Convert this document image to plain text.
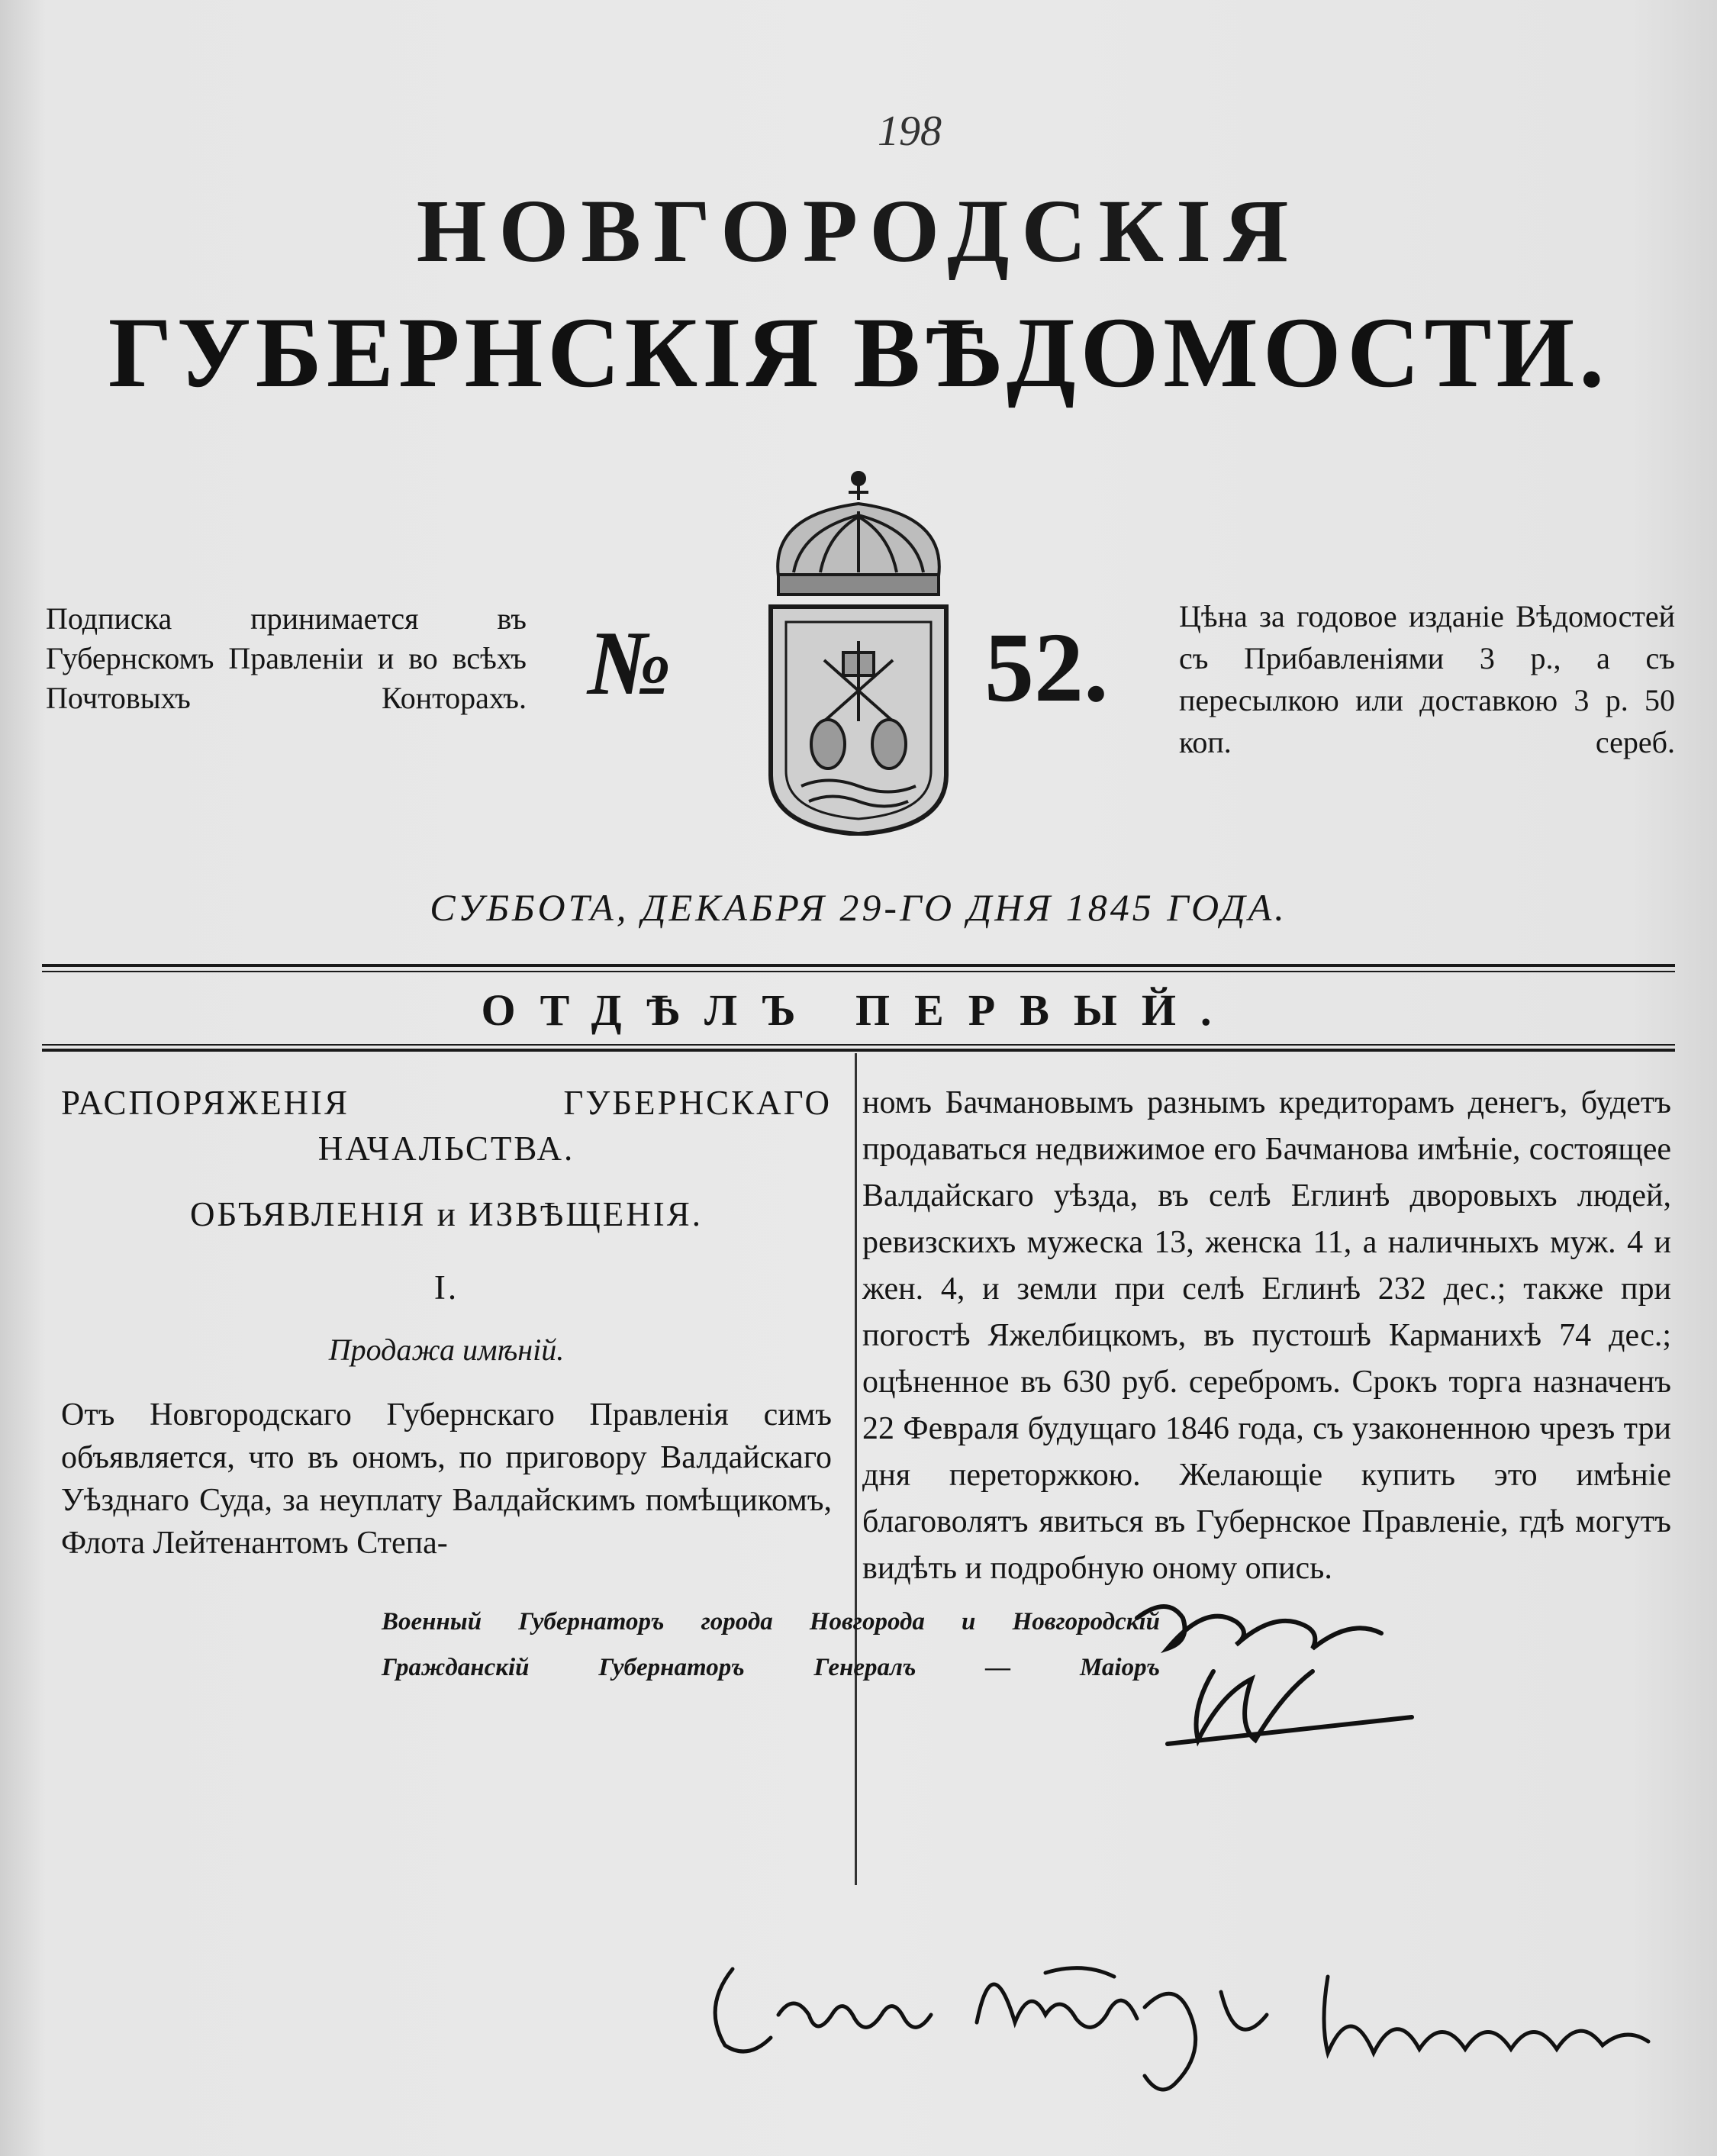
198
НОВГОРОДСКІЯ
ГУБЕРНСКІЯ ВѢДОМОСТИ.
Подписка принимается въ Губернскомъ Правленіи и во всѣхъ Почтовыхъ Конторахъ. №	52. Цѣна за годовое изданіе Вѣдомостей съ Прибавленіями 3 р., а съ пересылкою или доставкою 3 р. 50 коп. сереб.
СУББОТА, ДЕКАБРЯ 29-ГО ДНЯ 1845 ГОДА.
ОТДѢЛЪ ПЕРВЫЙ.
РАСПОРЯЖЕНІЯ ГУБЕРНСКАГО
НАЧАЛЬСТВА.
ОБЪЯВЛЕНІЯ и ИЗВѢЩЕНІЯ.
I.
Продажа имѣній.
Отъ Новгородскаго Губернскаго Правленія симъ объявляется, что въ ономъ, по приговору Валдайскаго Уѣзднаго Суда, за неуплату Валдайскимъ помѣщикомъ, Флота Лейтенантомъ Степа-
номъ Бачмановымъ разнымъ кредиторамъ денегъ, будетъ продаваться недвижимое его Бачманова имѣніе, состоящее Валдайскаго уѣзда, въ селѣ Еглинѣ дворовыхъ людей, ревизскихъ мужеска 13, женска 11, а наличныхъ муж. 4 и жен. 4, и земли при селѣ Еглинѣ 232 дес.; также при погостѣ Яжелбицкомъ, въ пустошѣ Карманихѣ 74 дес.; оцѣненное въ 630 руб. серебромъ. Срокъ торга назначенъ 22 Февраля будущаго 1846 года, съ узаконенною чрезъ три дня переторжкою. Желающіе купить это имѣніе благоволятъ явиться въ Губернское Правленіе, гдѣ могутъ видѣть и подробную оному опись.
Военный Губернаторъ города Новгорода и Новгородскій
Гражданскій Губернаторъ Генералъ — Маіоръ
